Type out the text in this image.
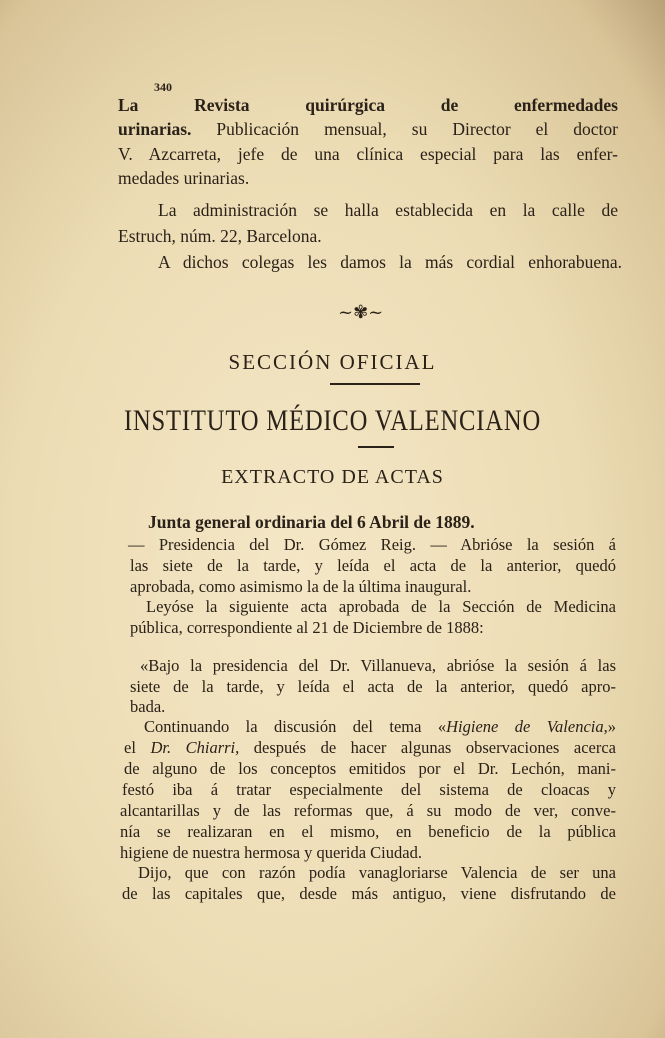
340
La Revista quirúrgica de enfermedades
urinarias. Publicación mensual, su Director el doctor
V. Azcarreta, jefe de una clínica especial para las enfer-
medades urinarias.
La administración se halla establecida en la calle de
Estruch, núm. 22, Barcelona.
A dichos colegas les damos la más cordial enhorabuena.
~✾~
SECCIÓN OFICIAL
INSTITUTO MÉDICO VALENCIANO
EXTRACTO DE ACTAS
Junta general ordinaria del 6 Abril de 1889.
— Presidencia del Dr. Gómez Reig. — Abrióse la sesión á
las siete de la tarde, y leída el acta de la anterior, quedó
aprobada, como asimismo la de la última inaugural.
Leyóse la siguiente acta aprobada de la Sección de Medicina
pública, correspondiente al 21 de Diciembre de 1888:
«Bajo la presidencia del Dr. Villanueva, abrióse la sesión á las
siete de la tarde, y leída el acta de la anterior, quedó apro-
bada.
Continuando la discusión del tema «Higiene de Valencia,»
el Dr. Chiarri, después de hacer algunas observaciones acerca
de alguno de los conceptos emitidos por el Dr. Lechón, mani-
festó iba á tratar especialmente del sistema de cloacas y
alcantarillas y de las reformas que, á su modo de ver, conve-
nía se realizaran en el mismo, en beneficio de la pública
higiene de nuestra hermosa y querida Ciudad.
Dijo, que con razón podía vanagloriarse Valencia de ser una
de las capitales que, desde más antiguo, viene disfrutando de
